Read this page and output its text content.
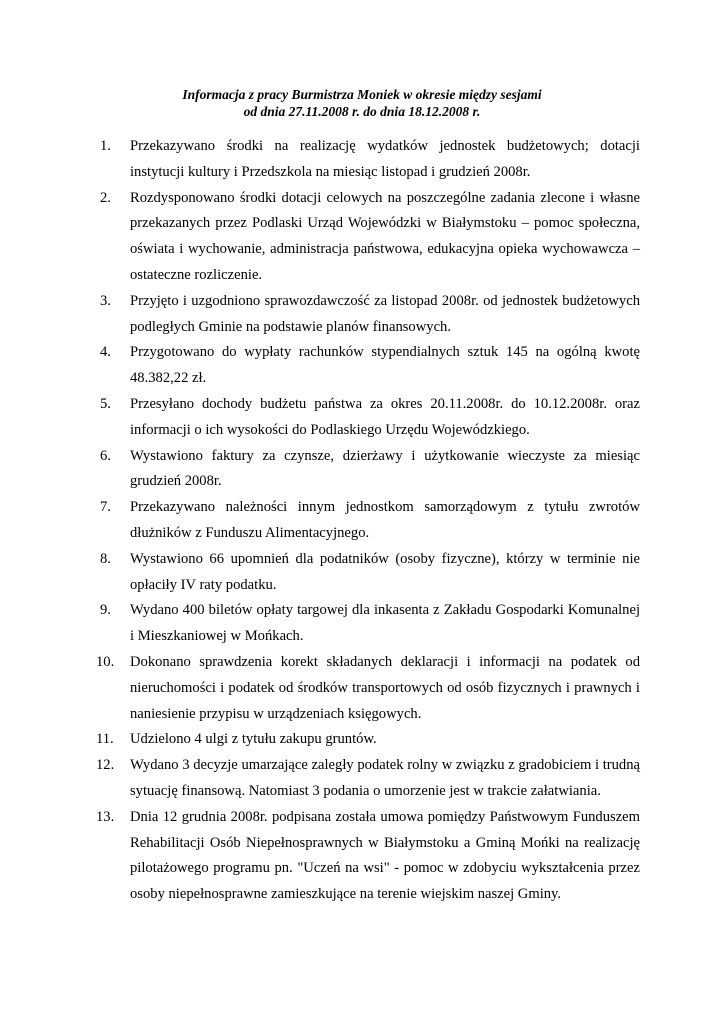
Informacja z pracy Burmistrza Moniek w okresie między sesjami
od dnia 27.11.2008 r. do dnia 18.12.2008 r.
1. Przekazywano środki na realizację wydatków jednostek budżetowych; dotacji instytucji kultury i Przedszkola na miesiąc listopad i grudzień 2008r.
2. Rozdysponowano środki dotacji celowych na poszczególne zadania zlecone i własne przekazanych przez Podlaski Urząd Wojewódzki w Białymstoku – pomoc społeczna, oświata i wychowanie, administracja państwowa, edukacyjna opieka wychowawcza – ostateczne rozliczenie.
3. Przyjęto i uzgodniono sprawozdawczość za listopad 2008r. od jednostek budżetowych podległych Gminie na podstawie planów finansowych.
4. Przygotowano do wypłaty rachunków stypendialnych sztuk 145 na ogólną kwotę 48.382,22 zł.
5. Przesyłano dochody budżetu państwa za okres 20.11.2008r. do 10.12.2008r. oraz informacji o ich wysokości do Podlaskiego Urzędu Wojewódzkiego.
6. Wystawiono faktury za czynsze, dzierżawy i użytkowanie wieczyste za miesiąc grudzień 2008r.
7. Przekazywano należności innym jednostkom samorządowym z tytułu zwrotów dłużników z Funduszu Alimentacyjnego.
8. Wystawiono 66 upomnień dla podatników (osoby fizyczne), którzy w terminie nie opłaciły IV raty podatku.
9. Wydano 400 biletów opłaty targowej dla inkasenta z Zakładu Gospodarki Komunalnej i Mieszkaniowej w Mońkach.
10. Dokonano sprawdzenia korekt składanych deklaracji i informacji na podatek od nieruchomości i podatek od środków transportowych od osób fizycznych i prawnych i naniesienie przypisu w urządzeniach księgowych.
11. Udzielono 4 ulgi z tytułu zakupu gruntów.
12. Wydano 3 decyzje umarzające zaległy podatek rolny w związku z gradobiciem i trudną sytuację finansową. Natomiast 3 podania o umorzenie jest w trakcie załatwiania.
13. Dnia 12 grudnia 2008r. podpisana została umowa pomiędzy Państwowym Funduszem Rehabilitacji Osób Niepełnosprawnych w Białymstoku a Gminą Mońki na realizację pilotażowego programu pn. "Uczeń na wsi" - pomoc w zdobyciu wykształcenia przez osoby niepełnosprawne zamieszkujące na terenie wiejskim naszej Gminy.
